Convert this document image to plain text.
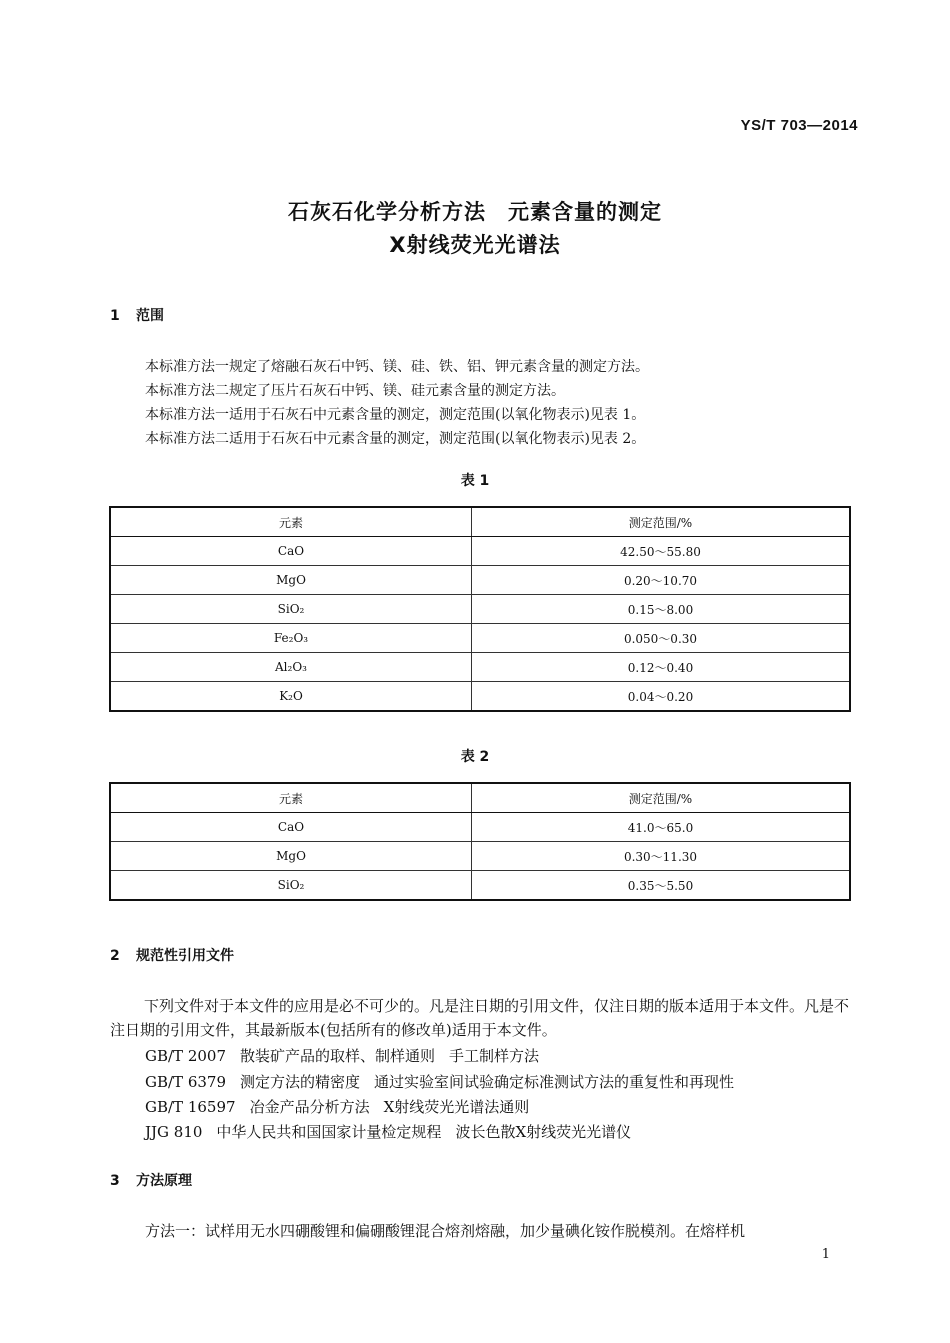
YS/T 703—2014
石灰石化学分析方法　元素含量的测定
X射线荧光光谱法
1 范围
本标准方法一规定了熔融石灰石中钙、镁、硅、铁、铝、钾元素含量的测定方法。
本标准方法二规定了压片石灰石中钙、镁、硅元素含量的测定方法。
本标准方法一适用于石灰石中元素含量的测定，测定范围(以氧化物表示)见表 1。
本标准方法二适用于石灰石中元素含量的测定，测定范围(以氧化物表示)见表 2。
表 1
元素	测定范围/%
CaO	42.50～55.80
MgO	0.20～10.70
SiO₂	0.15～8.00
Fe₂O₃	0.050～0.30
Al₂O₃	0.12～0.40
K₂O	0.04～0.20
表 2
元素	测定范围/%
CaO	41.0～65.0
MgO	0.30～11.30
SiO₂	0.35～5.50
2 规范性引用文件
下列文件对于本文件的应用是必不可少的。凡是注日期的引用文件，仅注日期的版本适用于本文件。凡是不注日期的引用文件，其最新版本(包括所有的修改单)适用于本文件。
GB/T 2007 散装矿产品的取样、制样通则 手工制样方法
GB/T 6379 测定方法的精密度 通过实验室间试验确定标准测试方法的重复性和再现性
GB/T 16597 冶金产品分析方法 X射线荧光光谱法通则
JJG 810 中华人民共和国国家计量检定规程 波长色散X射线荧光光谱仪
3 方法原理
方法一：试样用无水四硼酸锂和偏硼酸锂混合熔剂熔融，加少量碘化铵作脱模剂。在熔样机
1
